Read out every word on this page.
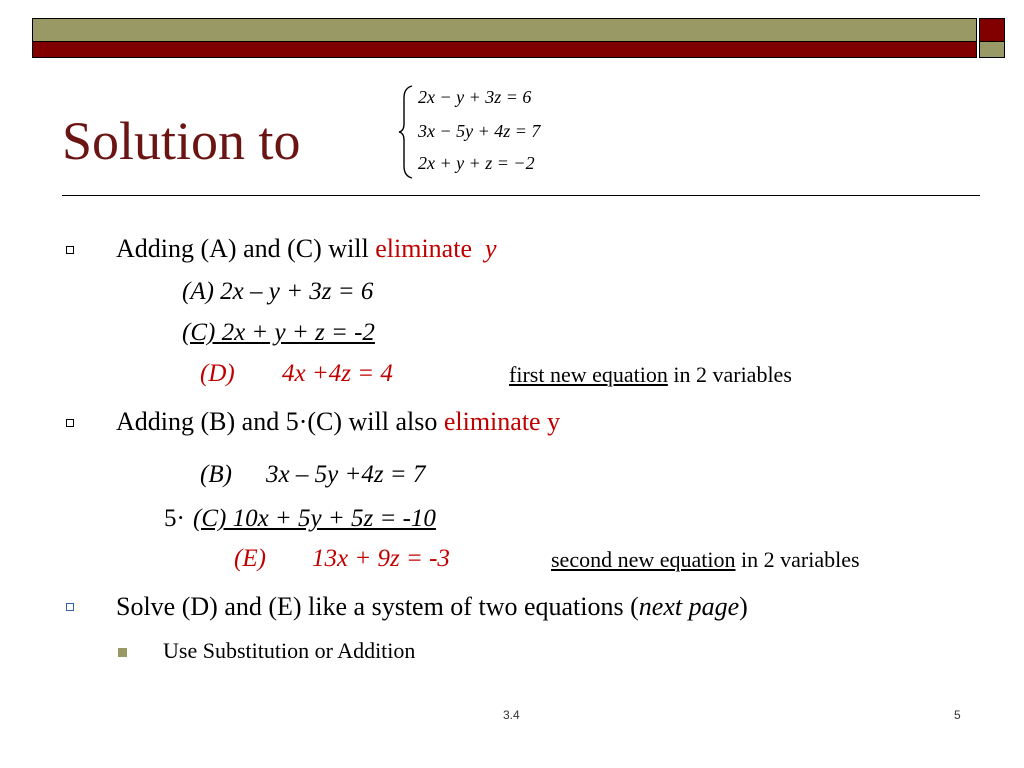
Solution to
2x − y + 3z = 6
3x − 5y + 4z = 7
2x + y + z = −2
Adding (A) and (C) will eliminate y
(A) 2x – y + 3z = 6
(C) 2x + y + z = -2
(D) 4x +4z = 4	first new equation in 2 variables
Adding (B) and 5·(C) will also eliminate y
(B) 3x – 5y +4z = 7
5· (C) 10x + 5y + 5z = -10
(E) 13x + 9z = -3	second new equation in 2 variables
Solve (D) and (E) like a system of two equations (next page)
Use Substitution or Addition
3.4	5
